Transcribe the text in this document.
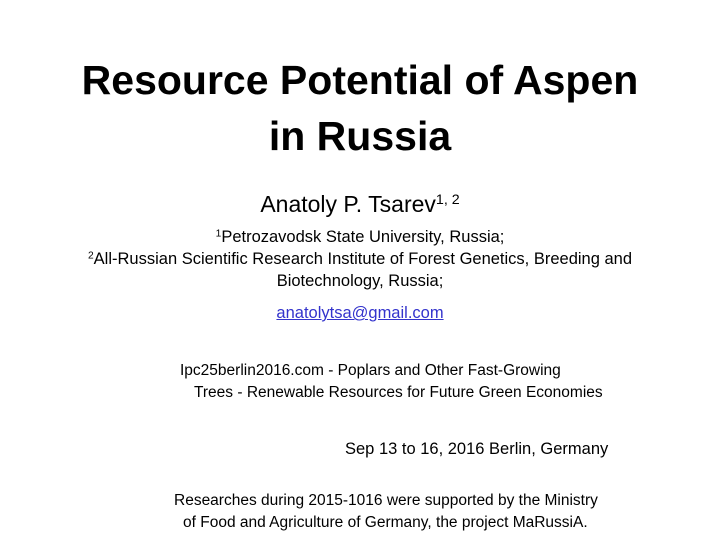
Resource Potential of Aspen
in Russia
Anatoly P. Tsarev$^{1, 2}$
$^1$Petrozavodsk State University, Russia;
$^2$All-Russian Scientific Research Institute of Forest Genetics, Breeding and
Biotechnology, Russia;
anatolytsa@gmail.com
Ipc25berlin2016.com - Poplars and Other Fast-Growing
Trees - Renewable Resources for Future Green Economies
Sep 13 to 16, 2016 Berlin, Germany
Researches during 2015-1016 were supported by the Ministry
of Food and Agriculture of Germany, the project MaRussiA.
